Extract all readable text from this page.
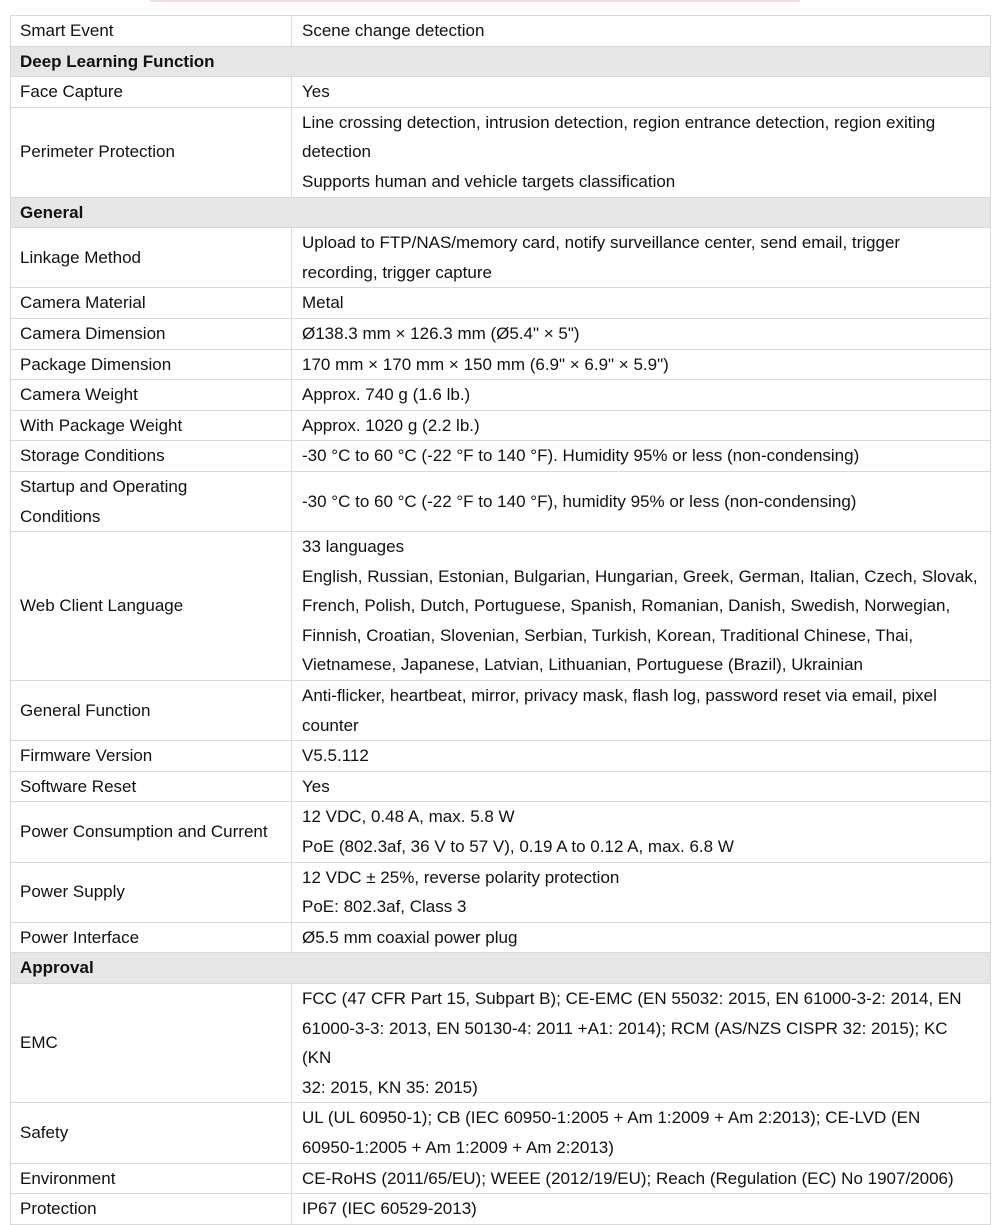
Smart Event	Scene change detection

Deep Learning Function	
Face Capture	Yes

Perimeter Protection	Line crossing detection, intrusion detection, region entrance detection, region exiting
detection
Supports human and vehicle targets classification

General	
Linkage Method	Upload to FTP/NAS/memory card, notify surveillance center, send email, trigger
recording, trigger capture

Camera Material	Metal

Camera Dimension	Ø138.3 mm × 126.3 mm (Ø5.4" × 5")

Package Dimension	170 mm × 170 mm × 150 mm (6.9" × 6.9" × 5.9")

Camera Weight	Approx. 740 g (1.6 lb.)

With Package Weight	Approx. 1020 g (2.2 lb.)

Storage Conditions	-30 °C to 60 °C (-22 °F to 140 °F). Humidity 95% or less (non-condensing)

Startup and Operating
Conditions	-30 °C to 60 °C (-22 °F to 140 °F), humidity 95% or less (non-condensing)

Web Client Language	33 languages
English, Russian, Estonian, Bulgarian, Hungarian, Greek, German, Italian, Czech, Slovak,
French, Polish, Dutch, Portuguese, Spanish, Romanian, Danish, Swedish, Norwegian,
Finnish, Croatian, Slovenian, Serbian, Turkish, Korean, Traditional Chinese, Thai,
Vietnamese, Japanese, Latvian, Lithuanian, Portuguese (Brazil), Ukrainian

General Function	Anti-flicker, heartbeat, mirror, privacy mask, flash log, password reset via email, pixel
counter

Firmware Version	V5.5.112

Software Reset	Yes

Power Consumption and Current	12 VDC, 0.48 A, max. 5.8 W
PoE (802.3af, 36 V to 57 V), 0.19 A to 0.12 A, max. 6.8 W

Power Supply	12 VDC ± 25%, reverse polarity protection
PoE: 802.3af, Class 3

Power Interface	Ø5.5 mm coaxial power plug

Approval	
EMC	FCC (47 CFR Part 15, Subpart B); CE-EMC (EN 55032: 2015, EN 61000-3-2: 2014, EN
61000-3-3: 2013, EN 50130-4: 2011 +A1: 2014); RCM (AS/NZS CISPR 32: 2015); KC (KN
32: 2015, KN 35: 2015)

Safety	UL (UL 60950-1); CB (IEC 60950-1:2005 + Am 1:2009 + Am 2:2013); CE-LVD (EN
60950-1:2005 + Am 1:2009 + Am 2:2013)

Environment	CE-RoHS (2011/65/EU); WEEE (2012/19/EU); Reach (Regulation (EC) No 1907/2006)

Protection	IP67 (IEC 60529-2013)
